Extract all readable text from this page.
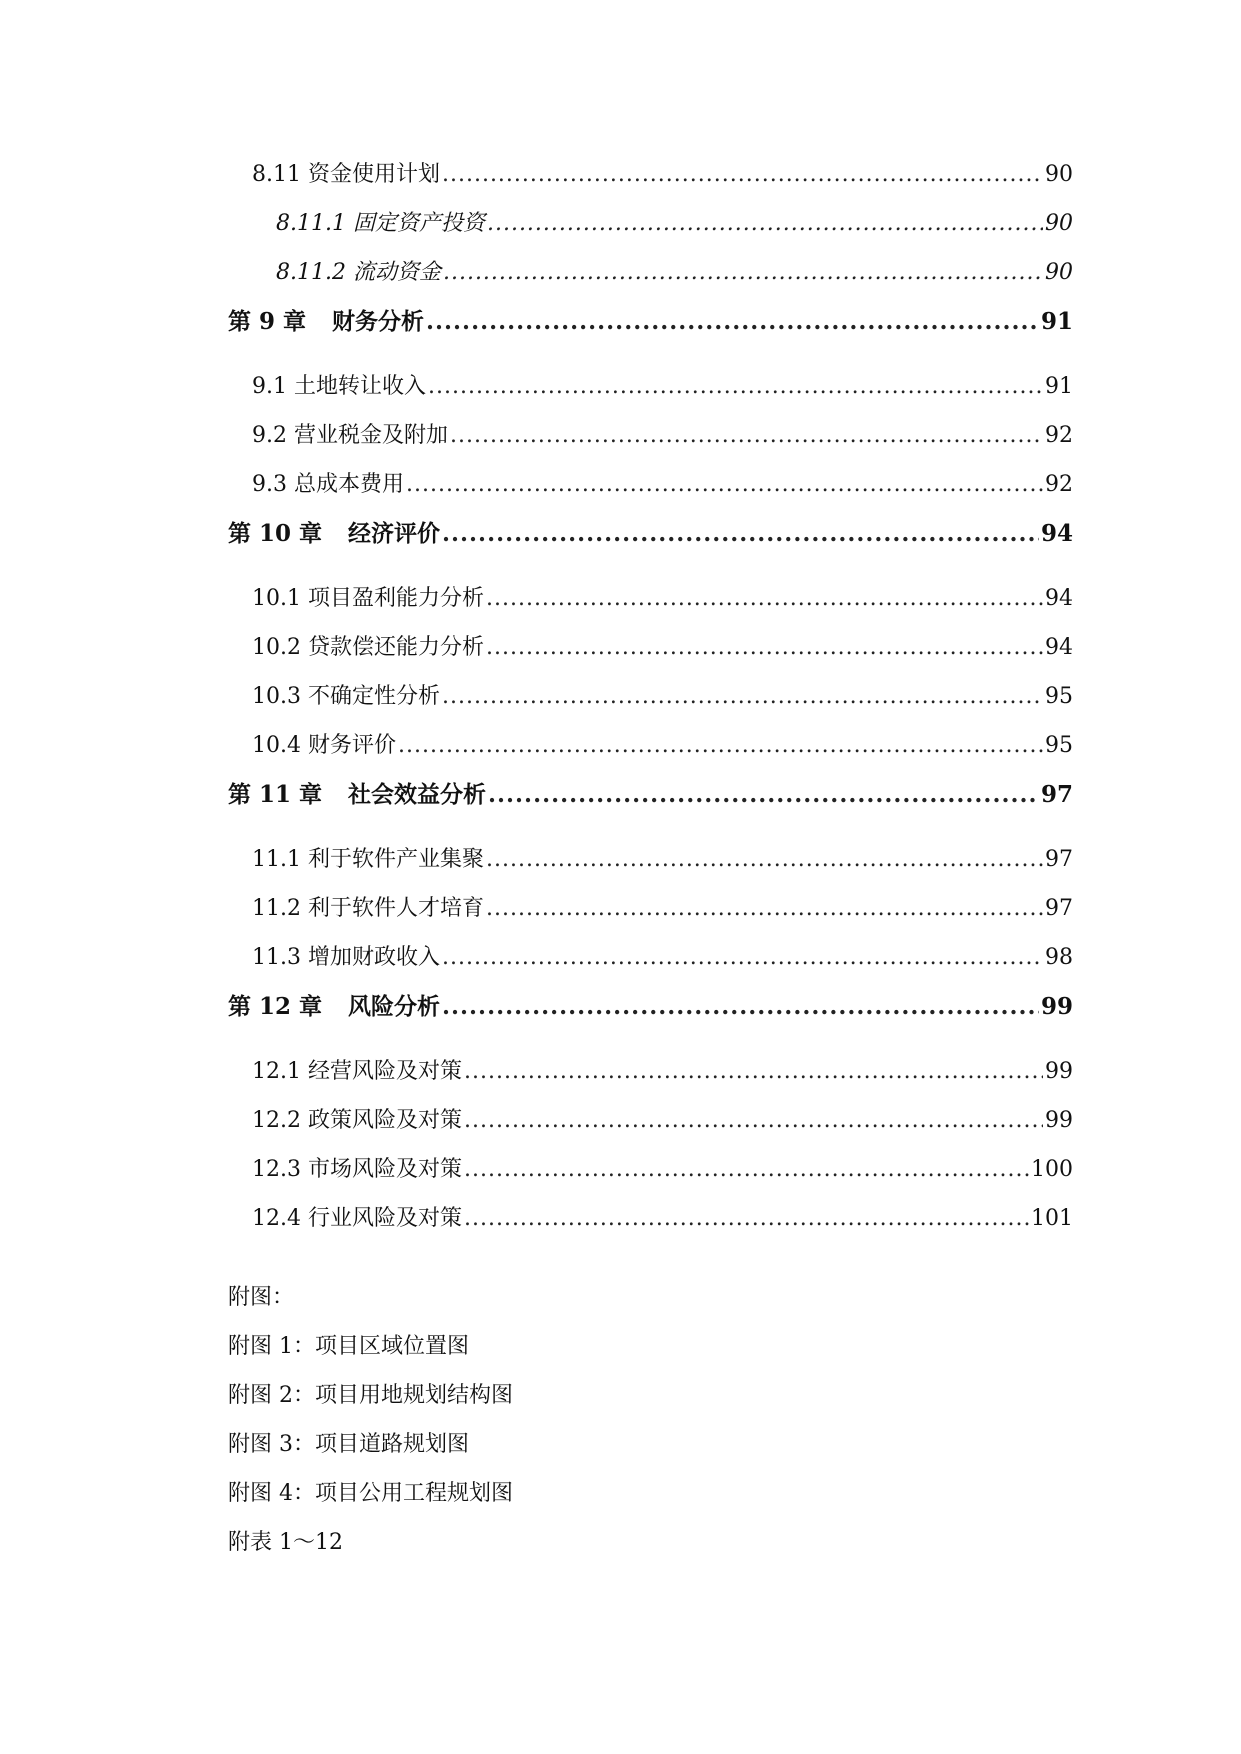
8.11 资金使用计划 .....	90
8.11.1 固定资产投资 .....	90
8.11.2 流动资金 .....	90
第 9 章 财务分析 .....	91
9.1 土地转让收入 .....	91
9.2 营业税金及附加 .....	92
9.3 总成本费用 .....	92
第 10 章 经济评价 .....	94
10.1 项目盈利能力分析 .....	94
10.2 贷款偿还能力分析 .....	94
10.3 不确定性分析 .....	95
10.4 财务评价 .....	95
第 11 章 社会效益分析 .....	97
11.1 利于软件产业集聚 .....	97
11.2 利于软件人才培育 .....	97
11.3 增加财政收入 .....	98
第 12 章 风险分析 .....	99
12.1 经营风险及对策 .....	99
12.2 政策风险及对策 .....	99
12.3 市场风险及对策 .....	100
12.4 行业风险及对策 .....	101
附图：
附图 1：项目区域位置图
附图 2：项目用地规划结构图
附图 3：项目道路规划图
附图 4：项目公用工程规划图
附表 1～12
